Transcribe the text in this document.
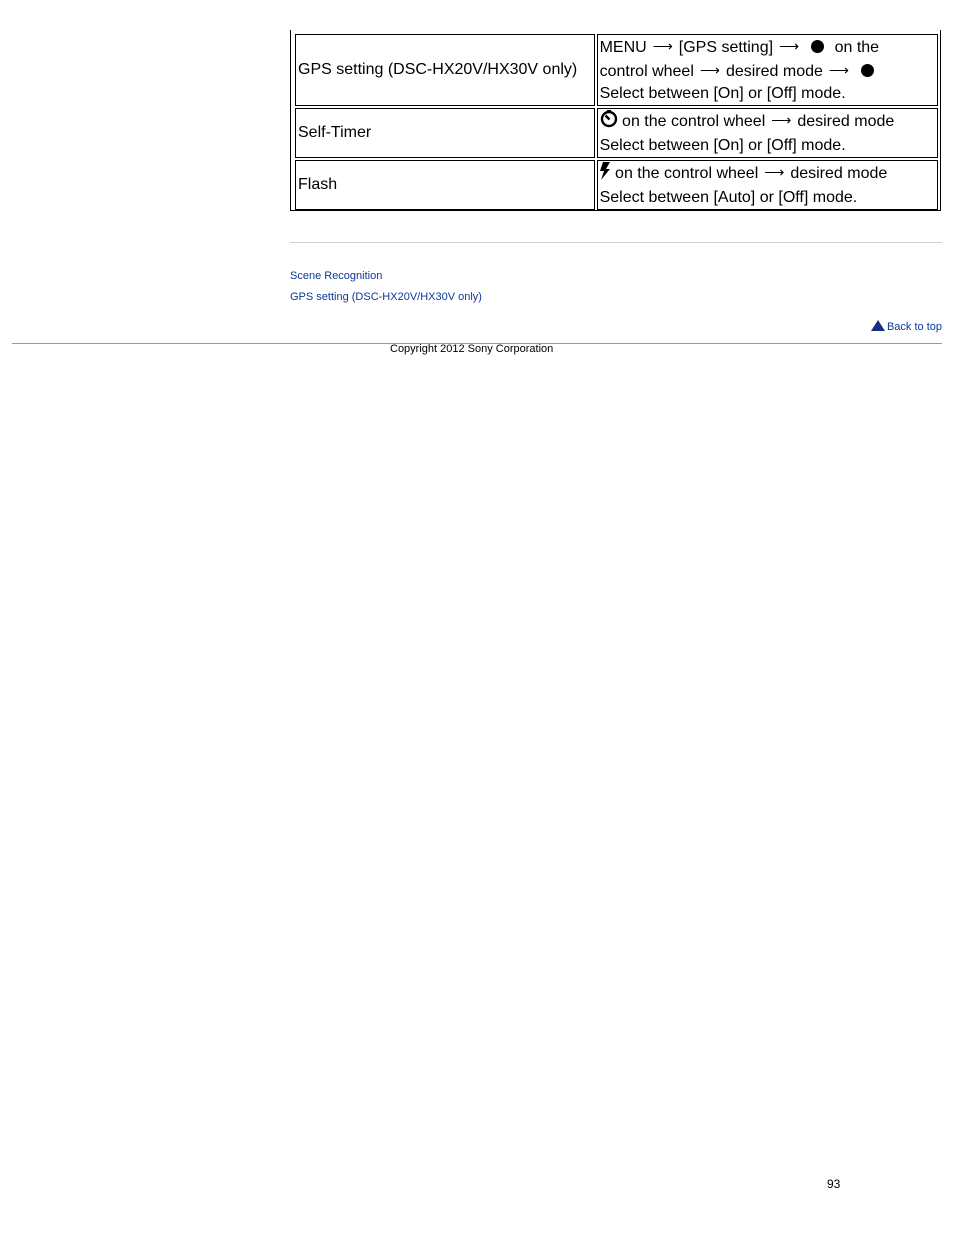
GPS setting (DSC-HX20V/HX30V only)	MENU ⟶ [GPS setting] ⟶ on the
control wheel ⟶ desired mode ⟶
Select between [On] or [Off] mode.
Self-Timer	on the control wheel ⟶ desired mode
Select between [On] or [Off] mode.
Flash	on the control wheel ⟶ desired mode
Select between [Auto] or [Off] mode.
Scene Recognition
GPS setting (DSC-HX20V/HX30V only)
Back to top
Copyright 2012 Sony Corporation
93
